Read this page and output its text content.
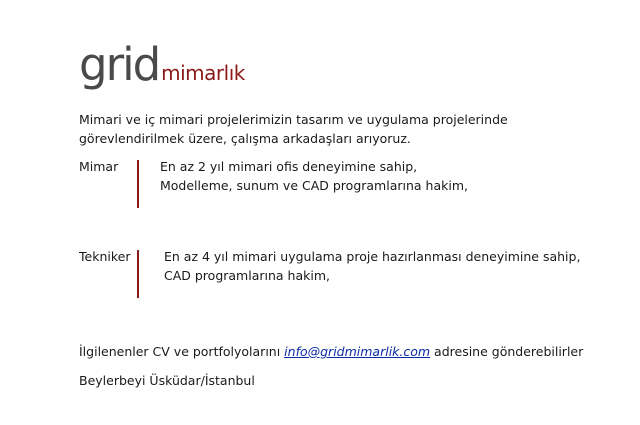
grid mimarlık
Mimari ve iç mimari projelerimizin tasarım ve uygulama projelerinde
görevlendirilmek üzere, çalışma arkadaşları arıyoruz.
Mimar	En az 2 yıl mimari ofis deneyimine sahip,
Modelleme, sunum ve CAD programlarına hakim,
Tekniker	En az 4 yıl mimari uygulama proje hazırlanması deneyimine sahip,
CAD programlarına hakim,
İlgilenenler CV ve portfolyolarını info@gridmimarlik.com adresine gönderebilirler
Beylerbeyi Üsküdar/İstanbul
